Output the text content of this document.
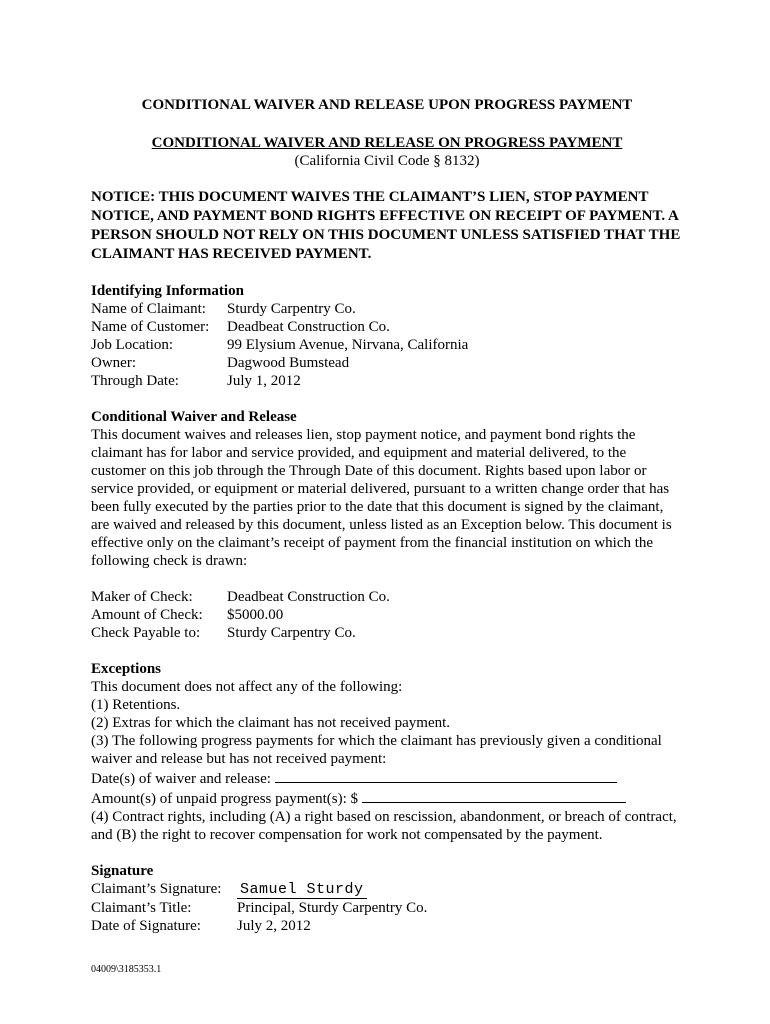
CONDITIONAL WAIVER AND RELEASE UPON PROGRESS PAYMENT
CONDITIONAL WAIVER AND RELEASE ON PROGRESS PAYMENT
(California Civil Code § 8132)
NOTICE: THIS DOCUMENT WAIVES THE CLAIMANT’S LIEN, STOP PAYMENT NOTICE, AND PAYMENT BOND RIGHTS EFFECTIVE ON RECEIPT OF PAYMENT. A PERSON SHOULD NOT RELY ON THIS DOCUMENT UNLESS SATISFIED THAT THE CLAIMANT HAS RECEIVED PAYMENT.
Identifying Information
Name of Claimant:	Sturdy Carpentry Co.
Name of Customer:	Deadbeat Construction Co.
Job Location:	99 Elysium Avenue, Nirvana, California
Owner:	Dagwood Bumstead
Through Date:	July 1, 2012
Conditional Waiver and Release

This document waives and releases lien, stop payment notice, and payment bond rights the claimant has for labor and service provided, and equipment and material delivered, to the customer on this job through the Through Date of this document. Rights based upon labor or service provided, or equipment or material delivered, pursuant to a written change order that has been fully executed by the parties prior to the date that this document is signed by the claimant, are waived and released by this document, unless listed as an Exception below. This document is effective only on the claimant’s receipt of payment from the financial institution on which the following check is drawn:

Maker of Check:	Deadbeat Construction Co.
Amount of Check:	$5000.00
Check Payable to:	Sturdy Carpentry Co.
Exceptions
This document does not affect any of the following:
(1) Retentions.
(2) Extras for which the claimant has not received payment.
(3) The following progress payments for which the claimant has previously given a conditional waiver and release but has not received payment:
Date(s) of waiver and release:
Amount(s) of unpaid progress payment(s): $
(4) Contract rights, including (A) a right based on rescission, abandonment, or breach of contract, and (B) the right to recover compensation for work not compensated by the payment.
Signature
Claimant’s Signature:	Samuel Sturdy
Claimant’s Title:	Principal, Sturdy Carpentry Co.
Date of Signature:	July 2, 2012
04009\3185353.1
